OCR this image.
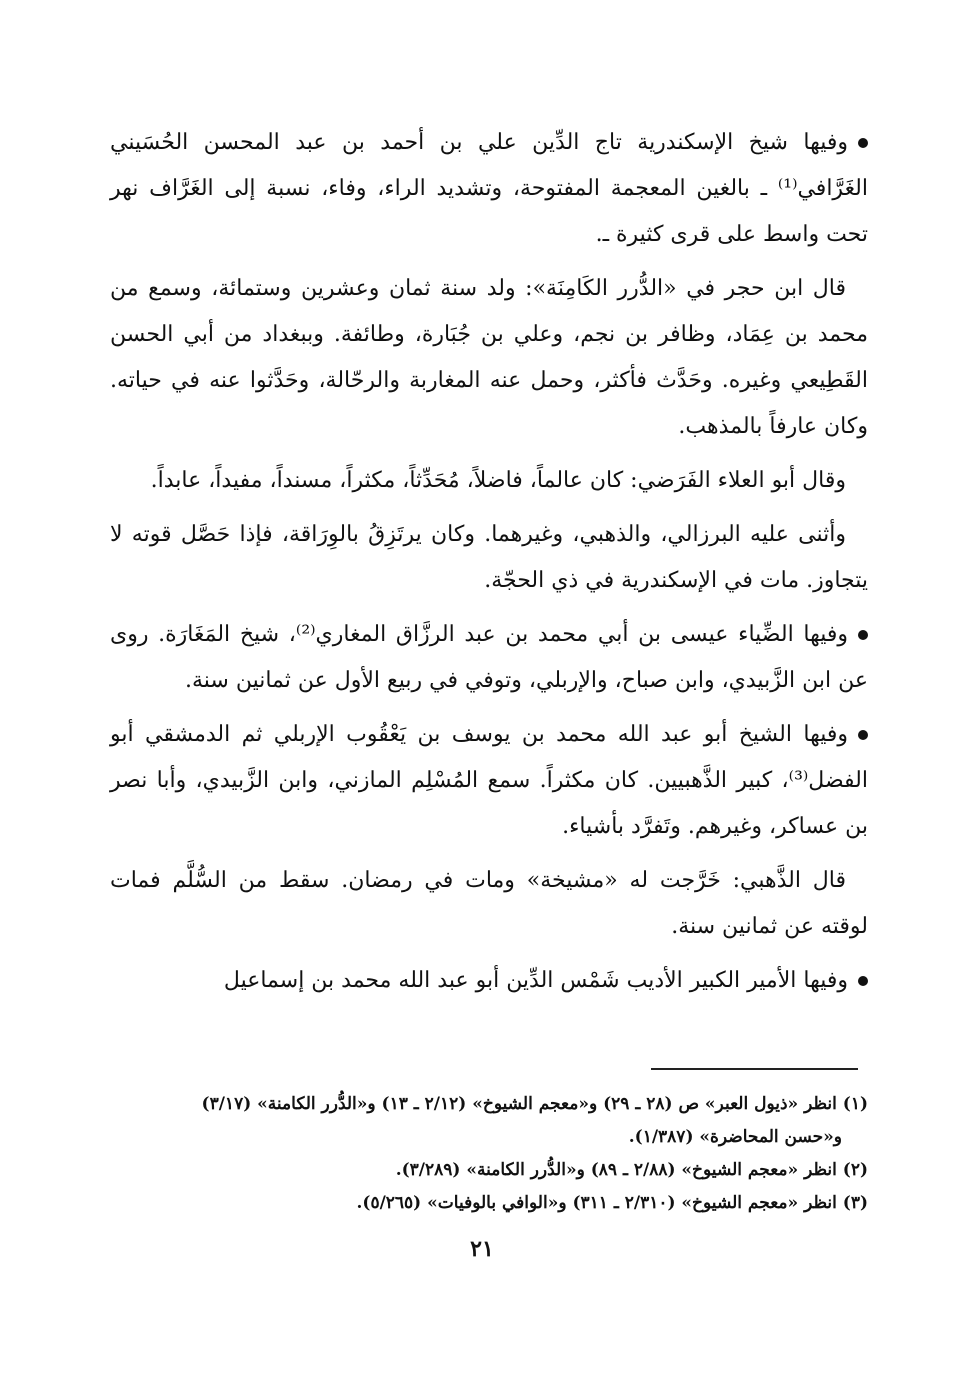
وفيها شيخ الإسكندرية تاج الدِّين علي بن أحمد بن عبد المحسن الحُسَيني الغَرَّافي⁽¹⁾ ـ بالغين المعجمة المفتوحة، وتشديد الراء، وفاء، نسبة إلى الغَرَّاف نهر تحت واسط على قرى كثيرة ـ.

قال ابن حجر في «الدُّرر الكَامِنَة»: ولد سنة ثمان وعشرين وستمائة، وسمع من محمد بن عِمَاد، وظافر بن نجم، وعلي بن جُبَارة، وطائفة. وببغداد من أبي الحسن القَطِيعي وغيره. وحَدَّث فأكثر، وحمل عنه المغاربة والرحّالة، وحَدَّثوا عنه في حياته. وكان عارفاً بالمذهب.

وقال أبو العلاء الفَرَضي: كان عالماً، فاضلاً، مُحَدِّثاً، مكثراً، مسنداً، مفيداً، عابداً.

وأثنى عليه البرزالي، والذهبي، وغيرهما. وكان يرتَزِقُ بالوِرَاقة، فإذا حَصَّل قوته لا يتجاوز. مات في الإسكندرية في ذي الحجّة.

وفيها الضِّياء عيسى بن أبي محمد بن عبد الرزَّاق المغاري⁽²⁾، شيخ المَغَارَة. روى عن ابن الزَّبيدي، وابن صباح، والإربلي، وتوفي في ربيع الأول عن ثمانين سنة.

وفيها الشيخ أبو عبد الله محمد بن يوسف بن يَعْقُوب الإربلي ثم الدمشقي أبو الفضل⁽³⁾، كبير الذَّهبيين. كان مكثراً. سمع المُسْلِم المازني، وابن الزَّبيدي، وأبا نصر بن عساكر، وغيرهم. وتَفرَّد بأشياء.

قال الذَّهبي: خَرَّجت له «مشيخة» ومات في رمضان. سقط من السُّلَّم فمات لوقته عن ثمانين سنة.

وفيها الأمير الكبير الأديب شَمْس الدِّين أبو عبد الله محمد بن إسماعيل

(١) انظر «ذيول العبر» ص (٢٨ ـ ٢٩) و«معجم الشيوخ» (٢/١٢ ـ ١٣) و«الدُّرر الكامنة» (٣/١٧)

و«حسن المحاضرة» (١/٣٨٧).

(٢) انظر «معجم الشيوخ» (٢/٨٨ ـ ٨٩) و«الدُّرر الكامنة» (٣/٢٨٩).

(٣) انظر «معجم الشيوخ» (٢/٣١٠ ـ ٣١١) و«الوافي بالوفيات» (٥/٢٦٥).

٢١
